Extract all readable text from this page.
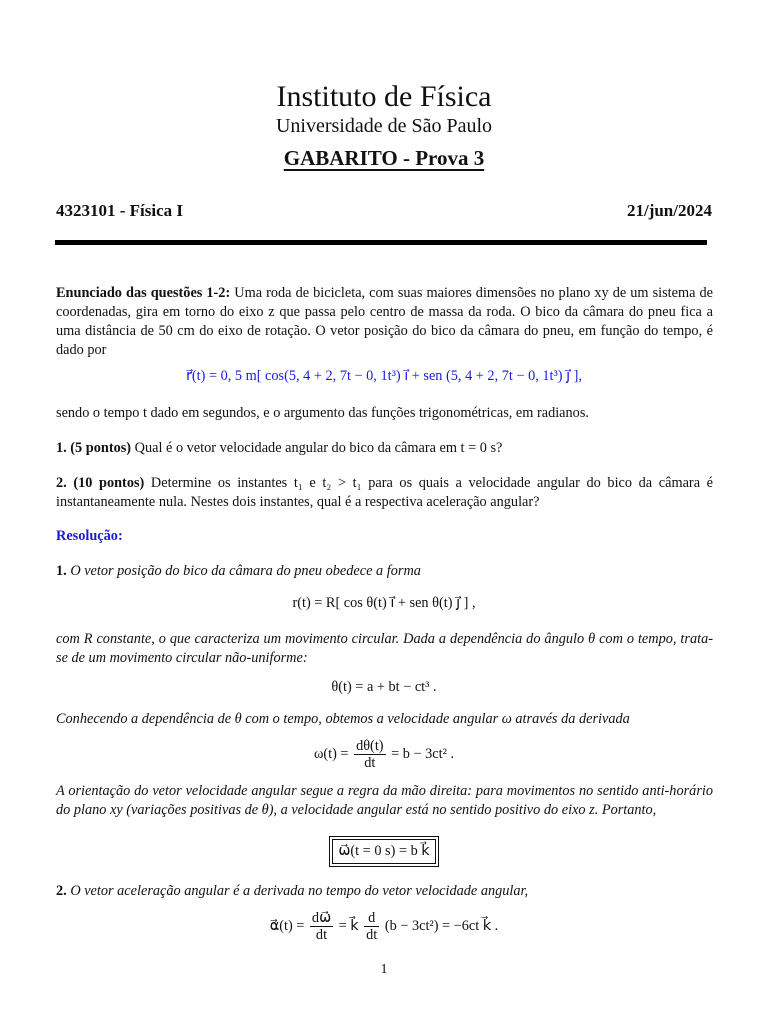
Instituto de Física
Universidade de São Paulo
GABARITO - Prova 3
4323101 - Física I	21/jun/2024
Enunciado das questões 1-2: Uma roda de bicicleta, com suas maiores dimensões no plano xy de um sistema de coordenadas, gira em torno do eixo z que passa pelo centro de massa da roda. O bico da câmara do pneu fica a uma distância de 50 cm do eixo de rotação. O vetor posição do bico da câmara do pneu, em função do tempo, é dado por
r⃗(t) = 0, 5 m[ cos(5, 4 + 2, 7t − 0, 1t³) i⃗ + sen (5, 4 + 2, 7t − 0, 1t³) j⃗ ],
sendo o tempo t dado em segundos, e o argumento das funções trigonométricas, em radianos.
1. (5 pontos) Qual é o vetor velocidade angular do bico da câmara em t = 0 s?
2. (10 pontos) Determine os instantes t₁ e t₂ > t₁ para os quais a velocidade angular do bico da câmara é instantaneamente nula. Nestes dois instantes, qual é a respectiva aceleração angular?
Resolução:
1. O vetor posição do bico da câmara do pneu obedece a forma
r(t) = R[ cos θ(t) i⃗ + sen θ(t) j⃗ ] ,
com R constante, o que caracteriza um movimento circular. Dada a dependência do ângulo θ com o tempo, trata-se de um movimento circular não-uniforme:
θ(t) = a + bt − ct³ .
Conhecendo a dependência de θ com o tempo, obtemos a velocidade angular ω através da derivada
$\omega(t) = \frac{d\theta(t)}{dt} = b - 3ct^2$ .
A orientação do vetor velocidade angular segue a regra da mão direita: para movimentos no sentido anti-horário do plano xy (variações positivas de θ), a velocidade angular está no sentido positivo do eixo z. Portanto,
ω⃗(t = 0 s) = b k⃗
2. O vetor aceleração angular é a derivada no tempo do vetor velocidade angular,
α⃗(t) = $\frac{d\omega⃗}{dt}$ = k⃗ $\frac{d}{dt} (b - 3ct^2) = -6ct$ k⃗ .
1
